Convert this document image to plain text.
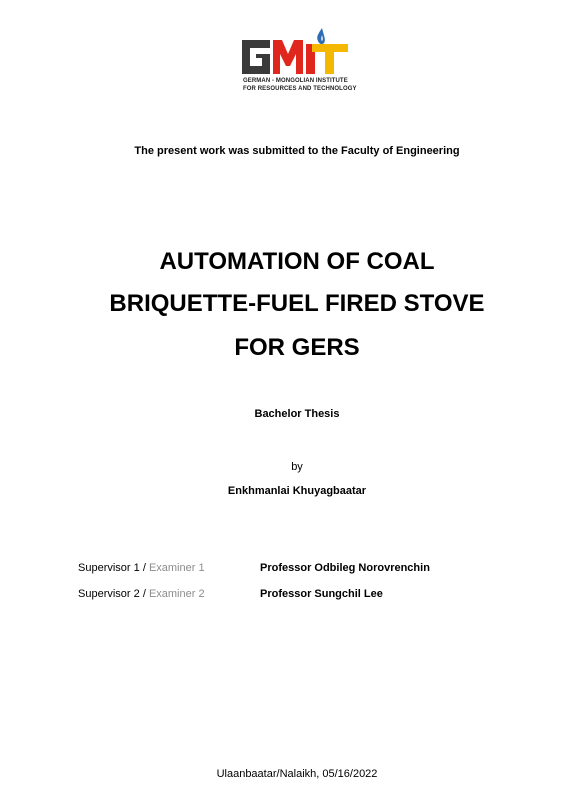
GERMAN - MONGOLIAN INSTITUTE
FOR RESOURCES AND TECHNOLOGY
The present work was submitted to the Faculty of Engineering
AUTOMATION OF COAL
BRIQUETTE-FUEL FIRED STOVE
FOR GERS
Bachelor Thesis
by
Enkhmanlai Khuyagbaatar
Supervisor 1 / Examiner 1	Professor Odbileg Norovrenchin
Supervisor 2 / Examiner 2	Professor Sungchil Lee
Ulaanbaatar/Nalaikh, 05/16/2022
